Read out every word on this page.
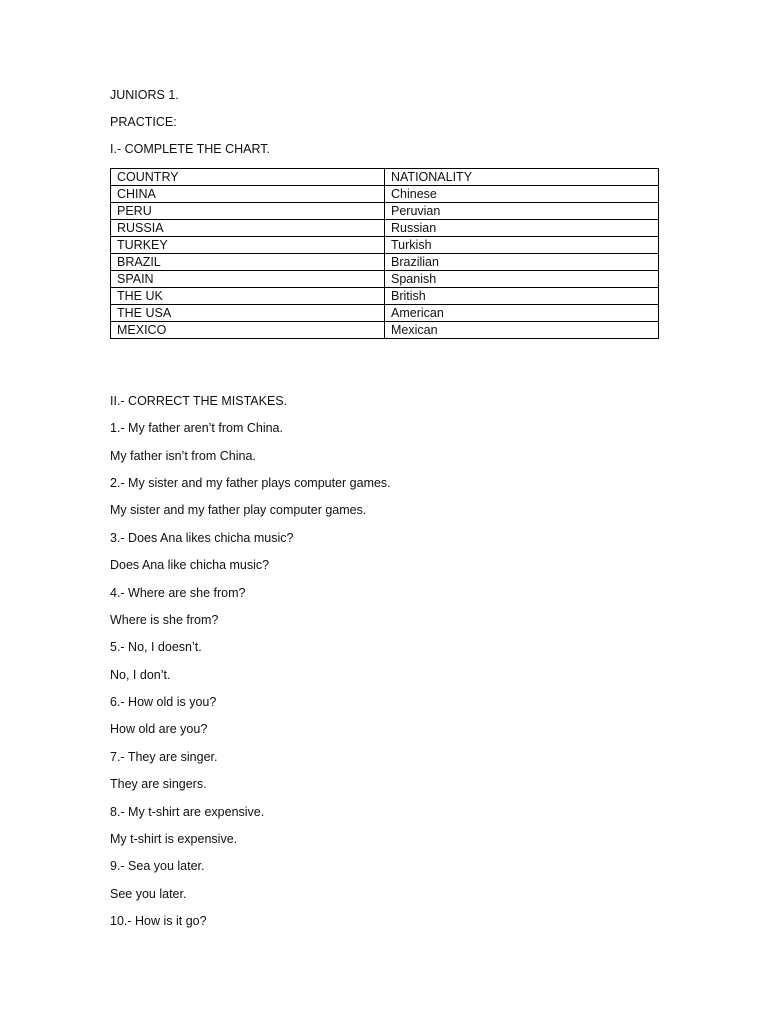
JUNIORS 1.
PRACTICE:
I.- COMPLETE THE CHART.
COUNTRY	NATIONALITY
CHINA	Chinese
PERU	Peruvian
RUSSIA	Russian
TURKEY	Turkish
BRAZIL	Brazilian
SPAIN	Spanish
THE UK	British
THE USA	American
MEXICO	Mexican
II.- CORRECT THE MISTAKES.
1.- My father aren’t from China.
My father isn’t from China.
2.- My sister and my father plays computer games.
My sister and my father play computer games.
3.- Does Ana likes chicha music?
Does Ana like chicha music?
4.- Where are she from?
Where is she from?
5.- No, I doesn’t.
No, I don’t.
6.- How old is you?
How old are you?
7.- They are singer.
They are singers.
8.- My t-shirt are expensive.
My t-shirt is expensive.
9.- Sea you later.
See you later.
10.- How is it go?
